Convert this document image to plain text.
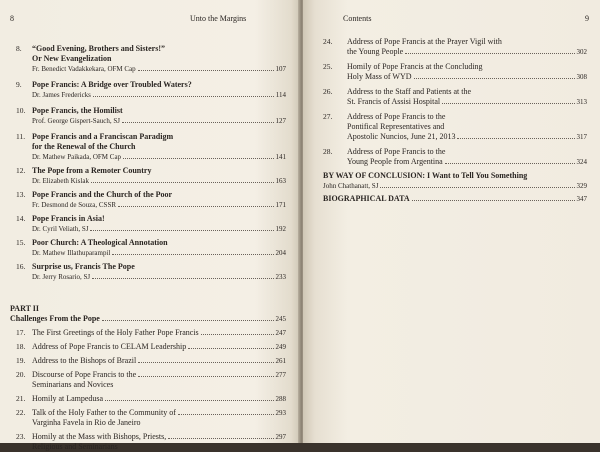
8	Unto the Margins
8. “Good Evening, Brothers and Sisters!”
Or New Evangelization
Fr. Benedict Vadakkekara, OFM Cap	107
9. Pope Francis: A Bridge over Troubled Waters?
Dr. James Fredericks	114
10. Pope Francis, the Homilist
Prof. George Gispert-Sauch, SJ	127
11. Pope Francis and a Franciscan Paradigm
for the Renewal of the Church
Dr. Mathew Paikada, OFM Cap	141
12. The Pope from a Remoter Country
Dr. Elizabeth Kislak	163
13. Pope Francis and the Church of the Poor
Fr. Desmond de Souza, CSSR	171
14. Pope Francis in Asia!
Dr. Cyril Veliath, SJ	192
15. Poor Church: A Theological Annotation
Dr. Mathew Illathuparampil	204
16. Surprise us, Francis The Pope
Dr. Jerry Rosario, SJ	233
PART II
Challenges From the Pope	245
17. The First Greetings of the Holy Father Pope Francis	247
18. Address of Pope Francis to CELAM Leadership	249
19. Address to the Bishops of Brazil	261
20. Discourse of Pope Francis to the	277
Seminarians and Novices
21. Homily at Lampedusa	288
22. Talk of the Holy Father to the Community of	293
Varginha Favela in Rio de Janeiro
23. Homily at the Mass with Bishops, Priests,	297
Religious and Seminarians
Contents	9
24. Address of Pope Francis at the Prayer Vigil with
the Young People	302
25. Homily of Pope Francis at the Concluding
Holy Mass of WYD	308
26. Address to the Staff and Patients at the
St. Francis of Assisi Hospital	313
27. Address of Pope Francis to the
Pontifical Representatives and
Apostolic Nuncios, June 21, 2013	317
28. Address of Pope Francis to the
Young People from Argentina	324
BY WAY OF CONCLUSION: I Want to Tell You Something
John Chathanatt, SJ	329
BIOGRAPHICAL DATA	347
